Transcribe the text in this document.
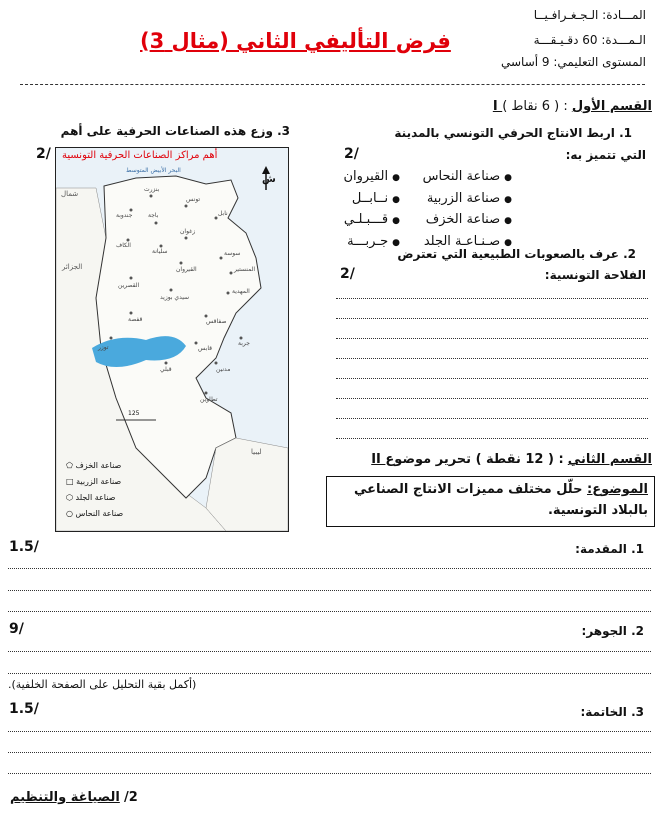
المـــادة: الـجـغـرافـيــا
الـمـــدة: 60 دقـيـقـــة
المستوى التعليمي: 9 أساسي
فرض التأليفي الثاني (مثال 3)
I القسم الأول : ( 6 نقاط )
1. اربط الانتاج الحرفي التونسي بالمدينة
التي تتميز به:
2/
● صناعة النحاس
● صناعة الزربية
● صناعة الخزف
● صـنـاعـة الجلد
● القيروان
● نــابــل
● قـــبـلـي
● جـربـــة
2. عرف بالصعوبات الطبيعية التي تعترض
الفلاحة التونسية:
2/
3. وزع هذه الصناعات الحرفية على أهم
2/
شمال
أهم مراكز الصناعات الحرفية التونسية
ش
البحر الأبيض المتوسط
الجزائر
ليبيا
125
بنزرت
تونس
نابل
جندوبة	باجة
الكاف
سليانة
زغوان
القيروان
سوسة
المنستير
المهدية
القصرين
سيدي بوزيد
صفاقس
قفصة
قابس
مدنين
قبلي
توزر
تطاوين
جربة
⬠ صناعة الخزف
□ صناعة الزربية
⬡ صناعة الجلد
○ صناعة النحاس
II القسم الثاني : ( 12 نقطة ) تحرير موضوع
الموضوع: حلّل مختلف مميزات الانتاج الصناعي
بالبلاد التونسية.
1. المقدمة:
1.5/
2. الجوهر:
9/
(أكمل بقية التحليل على الصفحة الخلفية).
3. الخاتمة:
1.5/
2/ الصياغة والتنظيم
